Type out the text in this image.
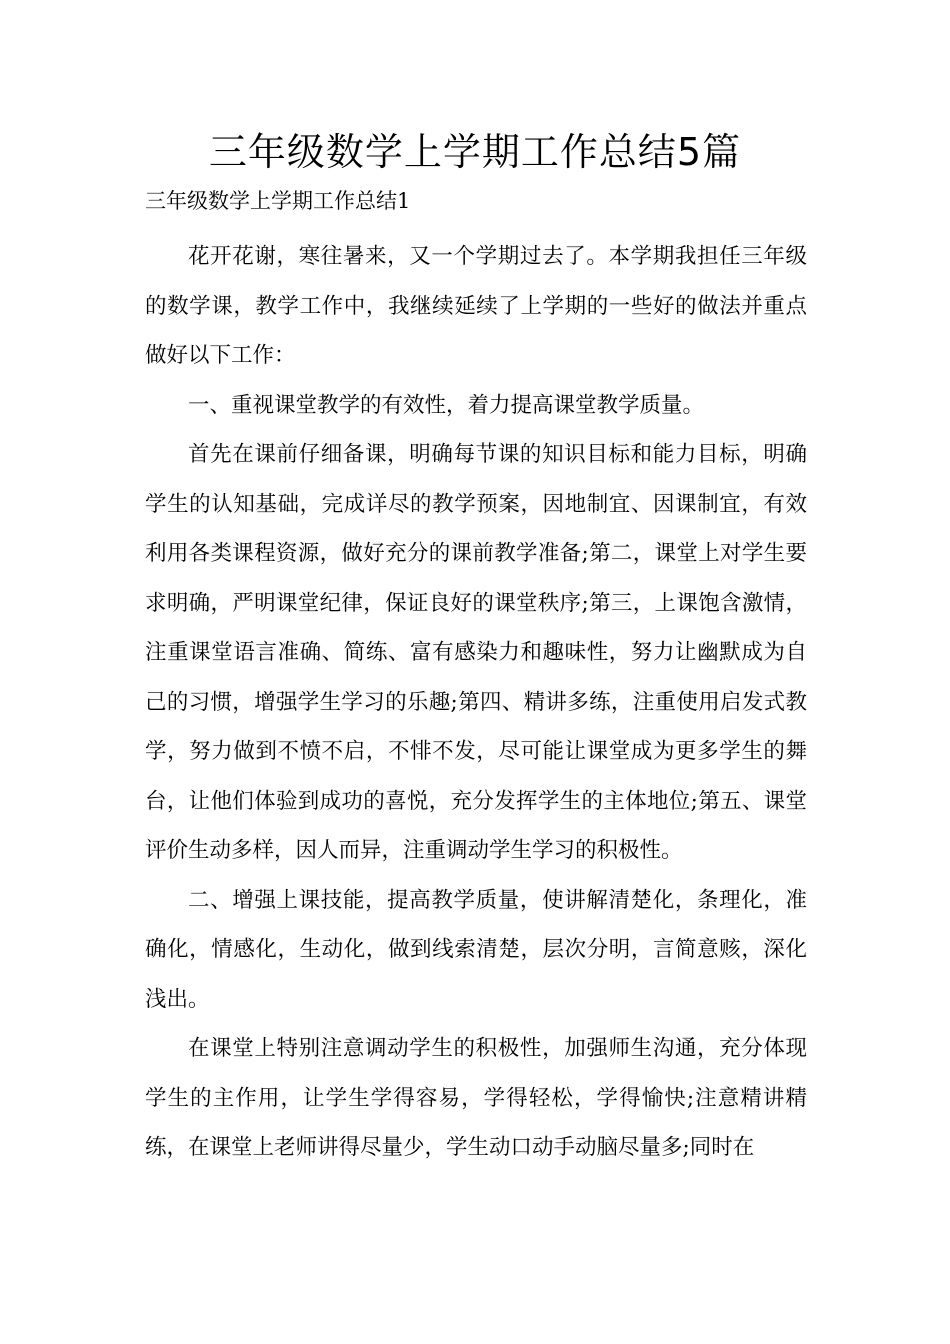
三年级数学上学期工作总结5篇

三年级数学上学期工作总结1

花开花谢，寒往暑来，又一个学期过去了。本学期我担任三年级的数学课，教学工作中，我继续延续了上学期的一些好的做法并重点做好以下工作：

一、重视课堂教学的有效性，着力提高课堂教学质量。

首先在课前仔细备课，明确每节课的知识目标和能力目标，明确学生的认知基础，完成详尽的教学预案，因地制宜、因课制宜，有效利用各类课程资源，做好充分的课前教学准备;第二，课堂上对学生要求明确，严明课堂纪律，保证良好的课堂秩序;第三，上课饱含激情，注重课堂语言准确、简练、富有感染力和趣味性，努力让幽默成为自己的习惯，增强学生学习的乐趣;第四、精讲多练，注重使用启发式教学，努力做到不愤不启，不悱不发，尽可能让课堂成为更多学生的舞台，让他们体验到成功的喜悦，充分发挥学生的主体地位;第五、课堂评价生动多样，因人而异，注重调动学生学习的积极性。

二、增强上课技能，提高教学质量，使讲解清楚化，条理化，准确化，情感化，生动化，做到线索清楚，层次分明，言简意赅，深化浅出。

在课堂上特别注意调动学生的积极性，加强师生沟通，充分体现学生的主作用，让学生学得容易，学得轻松，学得愉快;注意精讲精练，在课堂上老师讲得尽量少，学生动口动手动脑尽量多;同时在
